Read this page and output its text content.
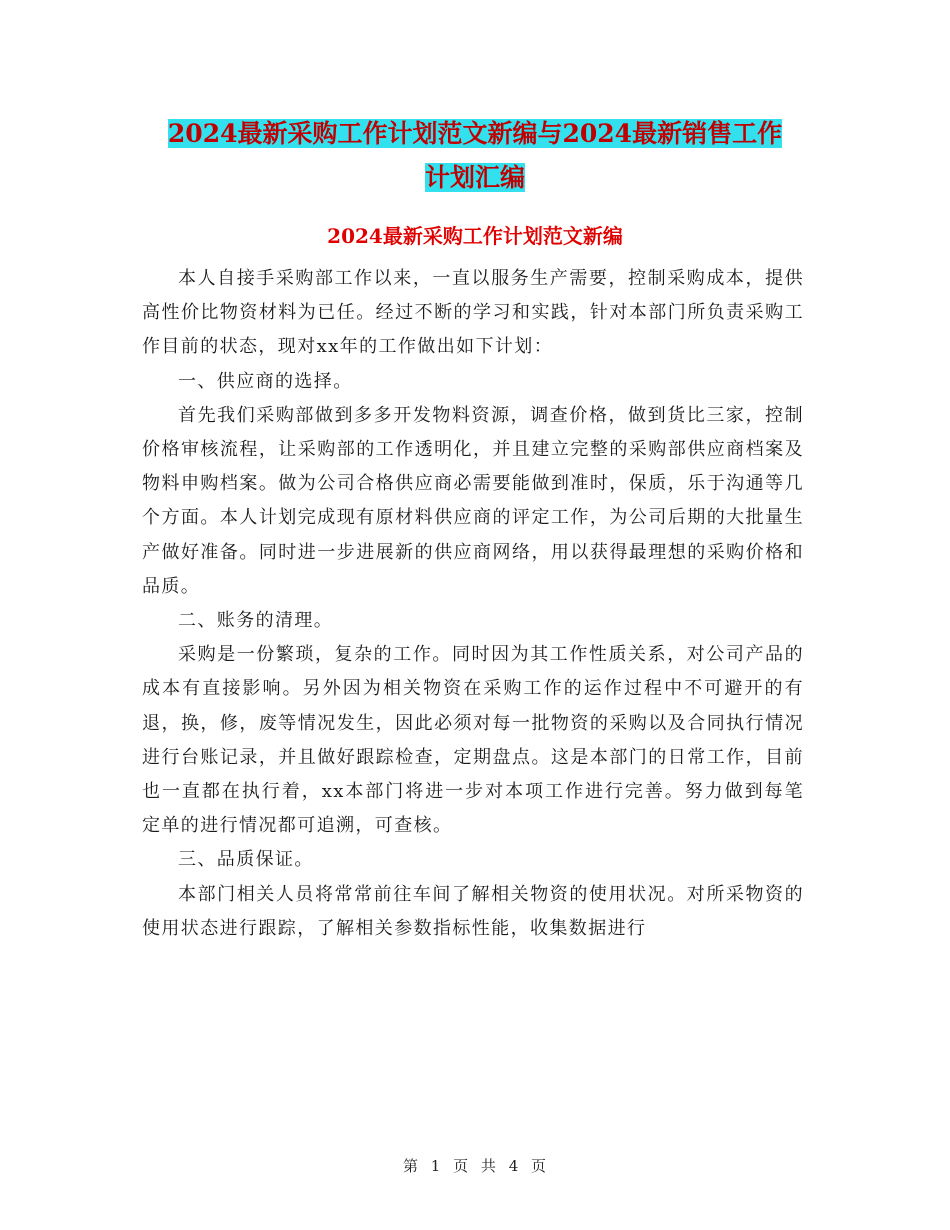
2024最新采购工作计划范文新编与2024最新销售工作
计划汇编
2024最新采购工作计划范文新编

本人自接手采购部工作以来，一直以服务生产需要，控制采购成本，提供高性价比物资材料为已任。经过不断的学习和实践，针对本部门所负责采购工作目前的状态，现对xx年的工作做出如下计划：

一、供应商的选择。

首先我们采购部做到多多开发物料资源，调查价格，做到货比三家，控制价格审核流程，让采购部的工作透明化，并且建立完整的采购部供应商档案及物料申购档案。做为公司合格供应商必需要能做到准时，保质，乐于沟通等几个方面。本人计划完成现有原材料供应商的评定工作，为公司后期的大批量生产做好准备。同时进一步进展新的供应商网络，用以获得最理想的采购价格和品质。

二、账务的清理。

采购是一份繁琐，复杂的工作。同时因为其工作性质关系，对公司产品的成本有直接影响。另外因为相关物资在采购工作的运作过程中不可避开的有退，换，修，废等情况发生，因此必须对每一批物资的采购以及合同执行情况进行台账记录，并且做好跟踪检查，定期盘点。这是本部门的日常工作，目前也一直都在执行着，xx本部门将进一步对本项工作进行完善。努力做到每笔定单的进行情况都可追溯，可查核。

三、品质保证。

本部门相关人员将常常前往车间了解相关物资的使用状况。对所采物资的使用状态进行跟踪，了解相关参数指标性能，收集数据进行

第 1 页 共 4 页
